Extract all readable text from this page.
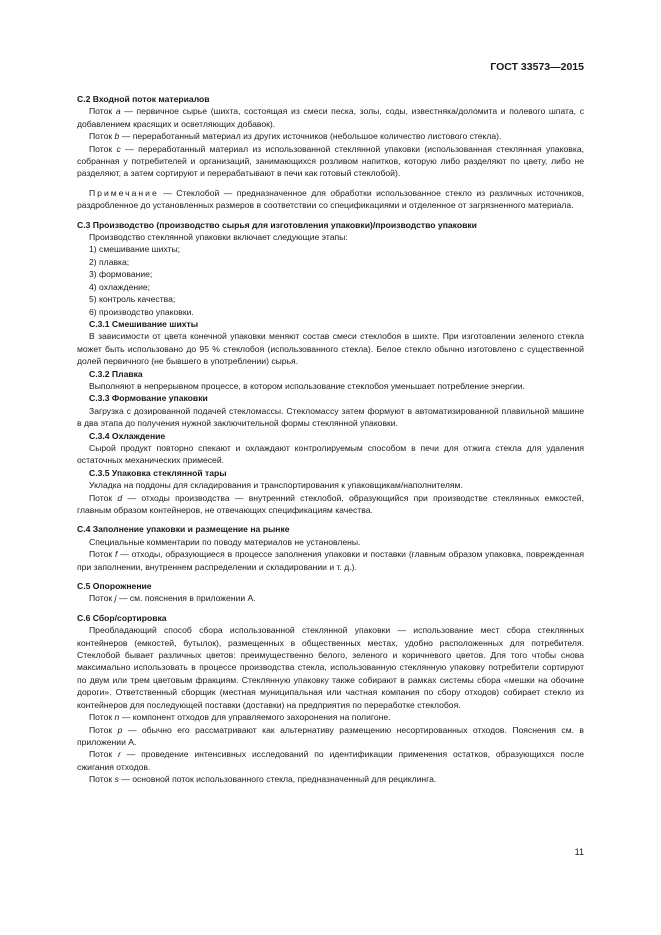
ГОСТ 33573—2015

С.2 Входной поток материалов

Поток a — первичное сырье (шихта, состоящая из смеси песка, золы, соды, известняка/доломита и полевого шпата, с добавлением красящих и осветляющих добавок).

Поток b — переработанный материал из других источников (небольшое количество листового стекла).

Поток c — переработанный материал из использованной стеклянной упаковки (использованная стеклянная упаковка, собранная у потребителей и организаций, занимающихся розливом напитков, которую либо разделяют по цвету, либо не разделяют, а затем сортируют и перерабатывают в печи как готовый стеклобой).

Примечание — Стеклобой — предназначенное для обработки использованное стекло из различных источников, раздробленное до установленных размеров в соответствии со спецификациями и отделенное от загрязненного материала.

С.3 Производство (производство сырья для изготовления упаковки)/производство упаковки

Производство стеклянной упаковки включает следующие этапы:

1) смешивание шихты;

2) плавка;

3) формование;

4) охлаждение;

5) контроль качества;

6) производство упаковки.

С.3.1 Смешивание шихты

В зависимости от цвета конечной упаковки меняют состав смеси стеклобоя в шихте. При изготовлении зеленого стекла может быть использовано до 95 % стеклобоя (использованного стекла). Белое стекло обычно изготовлено с существенной долей первичного (не бывшего в употреблении) сырья.

С.3.2 Плавка

Выполняют в непрерывном процессе, в котором использование стеклобоя уменьшает потребление энергии.

С.3.3 Формование упаковки

Загрузка с дозированной подачей стекломассы. Стекломассу затем формуют в автоматизированной плавильной машине в два этапа до получения нужной заключительной формы стеклянной упаковки.

С.3.4 Охлаждение

Сырой продукт повторно спекают и охлаждают контролируемым способом в печи для отжига стекла для удаления остаточных механических примесей.

С.3.5 Упаковка стеклянной тары

Укладка на поддоны для складирования и транспортирования к упаковщикам/наполнителям.

Поток d — отходы производства — внутренний стеклобой, образующийся при производстве стеклянных емкостей, главным образом контейнеров, не отвечающих спецификациям качества.

С.4 Заполнение упаковки и размещение на рынке

Специальные комментарии по поводу материалов не установлены.

Поток f — отходы, образующиеся в процессе заполнения упаковки и поставки (главным образом упаковка, поврежденная при заполнении, внутреннем распределении и складировании и т. д.).

С.5 Опорожнение

Поток j — см. пояснения в приложении А.

С.6 Сбор/сортировка

Преобладающий способ сбора использованной стеклянной упаковки — использование мест сбора стеклянных контейнеров (емкостей, бутылок), размещенных в общественных местах, удобно расположенных для потребителя. Стеклобой бывает различных цветов: преимущественно белого, зеленого и коричневого цветов. Для того чтобы снова максимально использовать в процессе производства стекла, использованную стеклянную упаковку потребители сортируют по двум или трем цветовым фракциям. Стеклянную упаковку также собирают в рамках системы сбора «мешки на обочине дороги». Ответственный сборщик (местная муниципальная или частная компания по сбору отходов) собирает стекло из контейнеров для последующей поставки (доставки) на предприятия по переработке стеклобоя.

Поток n — компонент отходов для управляемого захоронения на полигоне.

Поток p — обычно его рассматривают как альтернативу размещению несортированных отходов. Пояснения см. в приложении А.

Поток r — проведение интенсивных исследований по идентификации применения остатков, образующихся после сжигания отходов.

Поток s — основной поток использованного стекла, предназначенный для рециклинга.

11
